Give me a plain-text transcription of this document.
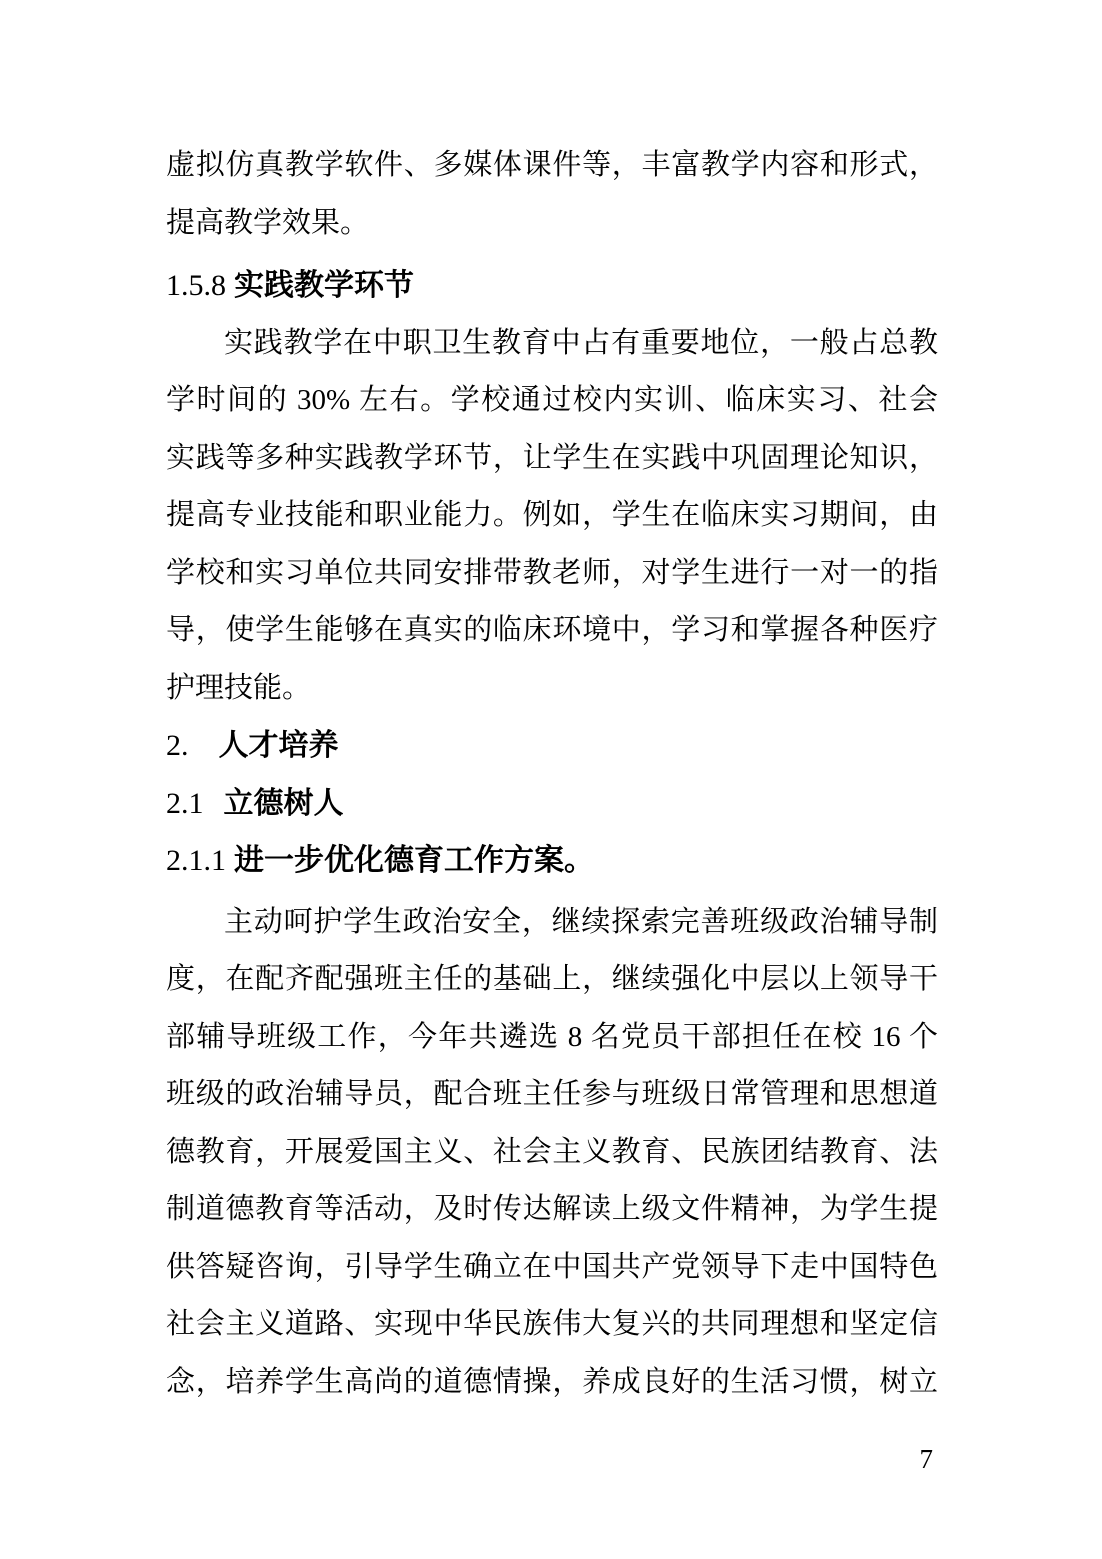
虚拟仿真教学软件、多媒体课件等，丰富教学内容和形式，
提高教学效果。
1.5.8 实践教学环节
实践教学在中职卫生教育中占有重要地位，一般占总教
学时间的 30% 左右。学校通过校内实训、临床实习、社会
实践等多种实践教学环节，让学生在实践中巩固理论知识，
提高专业技能和职业能力。例如，学生在临床实习期间，由
学校和实习单位共同安排带教老师，对学生进行一对一的指
导，使学生能够在真实的临床环境中，学习和掌握各种医疗
护理技能。
2. 人才培养
2.1 立德树人
2.1.1 进一步优化德育工作方案。
主动呵护学生政治安全，继续探索完善班级政治辅导制
度，在配齐配强班主任的基础上，继续强化中层以上领导干
部辅导班级工作，今年共遴选 8 名党员干部担任在校 16 个
班级的政治辅导员，配合班主任参与班级日常管理和思想道
德教育，开展爱国主义、社会主义教育、民族团结教育、法
制道德教育等活动，及时传达解读上级文件精神，为学生提
供答疑咨询，引导学生确立在中国共产党领导下走中国特色
社会主义道路、实现中华民族伟大复兴的共同理想和坚定信
念，培养学生高尚的道德情操，养成良好的生活习惯，树立
7
